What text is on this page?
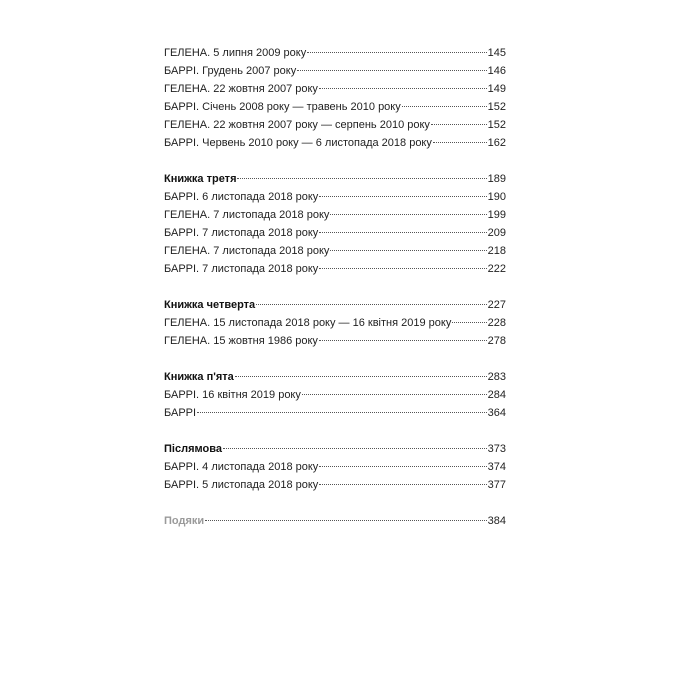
ГЕЛЕНА. 5 липня 2009 року	145
БАРРІ. Грудень 2007 року	146
ГЕЛЕНА. 22 жовтня 2007 року	149
БАРРІ. Січень 2008 року — травень 2010 року	152
ГЕЛЕНА. 22 жовтня 2007 року — серпень 2010 року	152
БАРРІ. Червень 2010 року — 6 листопада 2018 року	162
Книжка третя	189
БАРРІ. 6 листопада 2018 року	190
ГЕЛЕНА. 7 листопада 2018 року	199
БАРРІ. 7 листопада 2018 року	209
ГЕЛЕНА. 7 листопада 2018 року	218
БАРРІ. 7 листопада 2018 року	222
Книжка четверта	227
ГЕЛЕНА. 15 листопада 2018 року — 16 квітня 2019 року	228
ГЕЛЕНА. 15 жовтня 1986 року	278
Книжка п'ята	283
БАРРІ. 16 квітня 2019 року	284
БАРРІ	364
Післямова	373
БАРРІ. 4 листопада 2018 року	374
БАРРІ. 5 листопада 2018 року	377
Подяки	384
